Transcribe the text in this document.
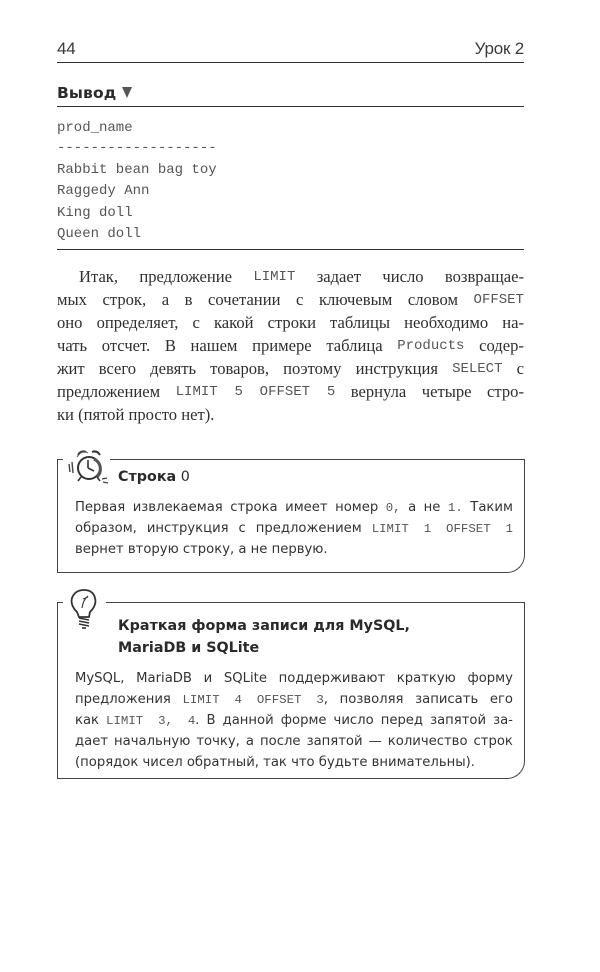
44	Урок 2
Вывод
prod_name
-------------------
Rabbit bean bag toy
Raggedy Ann
King doll
Queen doll
Итак, предложение LIMIT задает число возвращае-
мых строк, а в сочетании с ключевым словом OFFSET
оно определяет, с какой строки таблицы необходимо на-
чать отсчет. В нашем примере таблица Products содер-
жит всего девять товаров, поэтому инструкция SELECT с
предложением LIMIT  5  OFFSET  5 вернула четыре стро-
ки (пятой просто нет).
Строка 0
Первая извлекаемая строка имеет номер 0, а не 1. Таким
образом, инструкция с предложением LIMIT  1  OFFSET  1
вернет вторую строку, а не первую.
Краткая форма записи для MySQL,
MariaDB и SQLite
MySQL, MariaDB и SQLite поддерживают краткую форму
предложения LIMIT  4  OFFSET  3, позволяя записать его
как LIMIT  3,  4. В данной форме число перед запятой за-
дает начальную точку, а после запятой — количество строк
(порядок чисел обратный, так что будьте внимательны).
